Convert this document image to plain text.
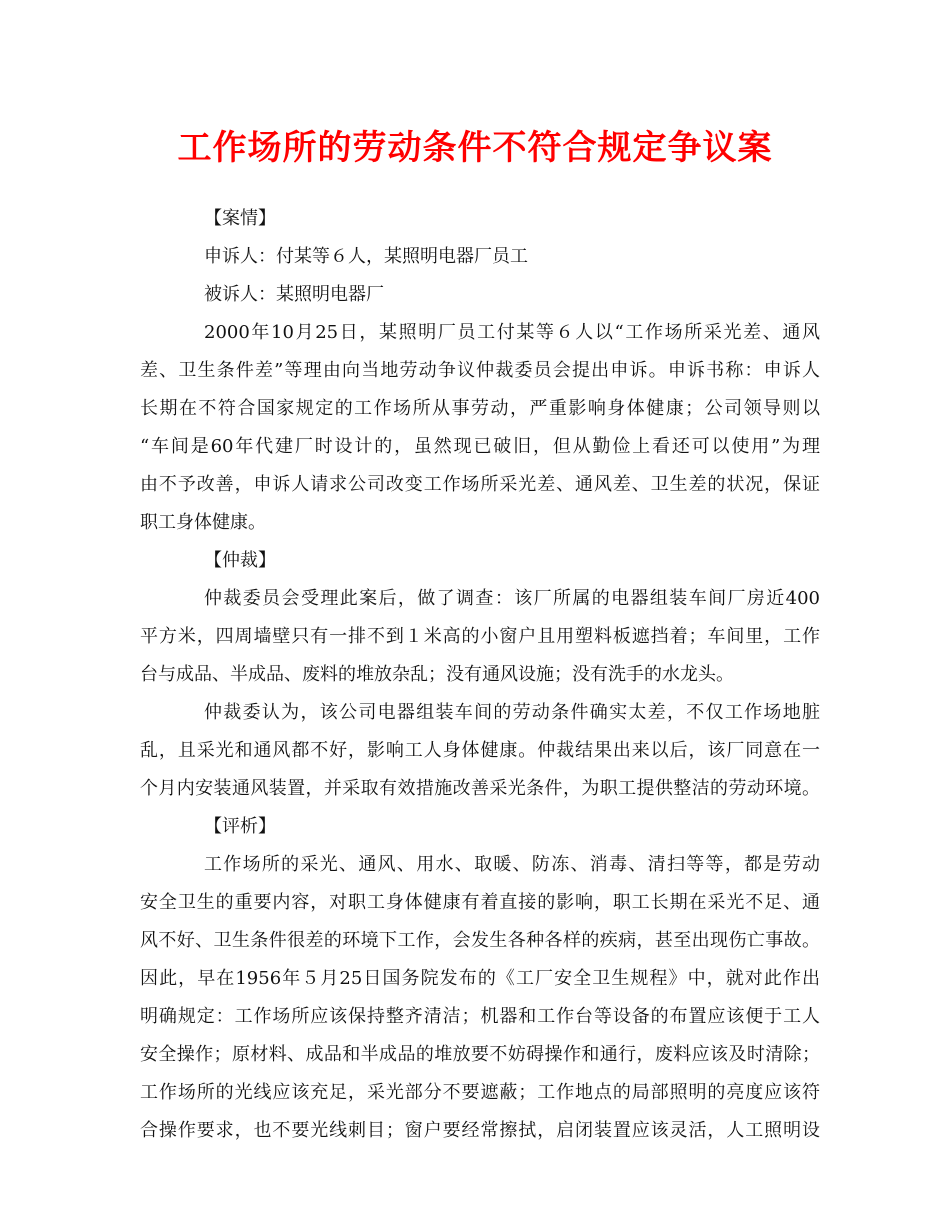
工作场所的劳动条件不符合规定争议案
【案情】
申诉人：付某等６人，某照明电器厂员工
被诉人：某照明电器厂
2000年10月25日，某照明厂员工付某等６人以“工作场所采光差、通风
差、卫生条件差”等理由向当地劳动争议仲裁委员会提出申诉。申诉书称：申诉人
长期在不符合国家规定的工作场所从事劳动，严重影响身体健康；公司领导则以
“车间是60年代建厂时设计的，虽然现已破旧，但从勤俭上看还可以使用”为理
由不予改善，申诉人请求公司改变工作场所采光差、通风差、卫生差的状况，保证
职工身体健康。
【仲裁】
仲裁委员会受理此案后，做了调查：该厂所属的电器组装车间厂房近400
平方米，四周墙壁只有一排不到１米高的小窗户且用塑料板遮挡着；车间里，工作
台与成品、半成品、废料的堆放杂乱；没有通风设施；没有洗手的水龙头。
仲裁委认为，该公司电器组装车间的劳动条件确实太差，不仅工作场地脏
乱，且采光和通风都不好，影响工人身体健康。仲裁结果出来以后，该厂同意在一
个月内安装通风装置，并采取有效措施改善采光条件，为职工提供整洁的劳动环境。
【评析】
工作场所的采光、通风、用水、取暖、防冻、消毒、清扫等等，都是劳动
安全卫生的重要内容，对职工身体健康有着直接的影响，职工长期在采光不足、通
风不好、卫生条件很差的环境下工作，会发生各种各样的疾病，甚至出现伤亡事故。
因此，早在1956年５月25日国务院发布的《工厂安全卫生规程》中，就对此作出
明确规定：工作场所应该保持整齐清洁；机器和工作台等设备的布置应该便于工人
安全操作；原材料、成品和半成品的堆放要不妨碍操作和通行，废料应该及时清除；
工作场所的光线应该充足，采光部分不要遮蔽；工作地点的局部照明的亮度应该符
合操作要求，也不要光线刺目；窗户要经常擦拭，启闭装置应该灵活，人工照明设
